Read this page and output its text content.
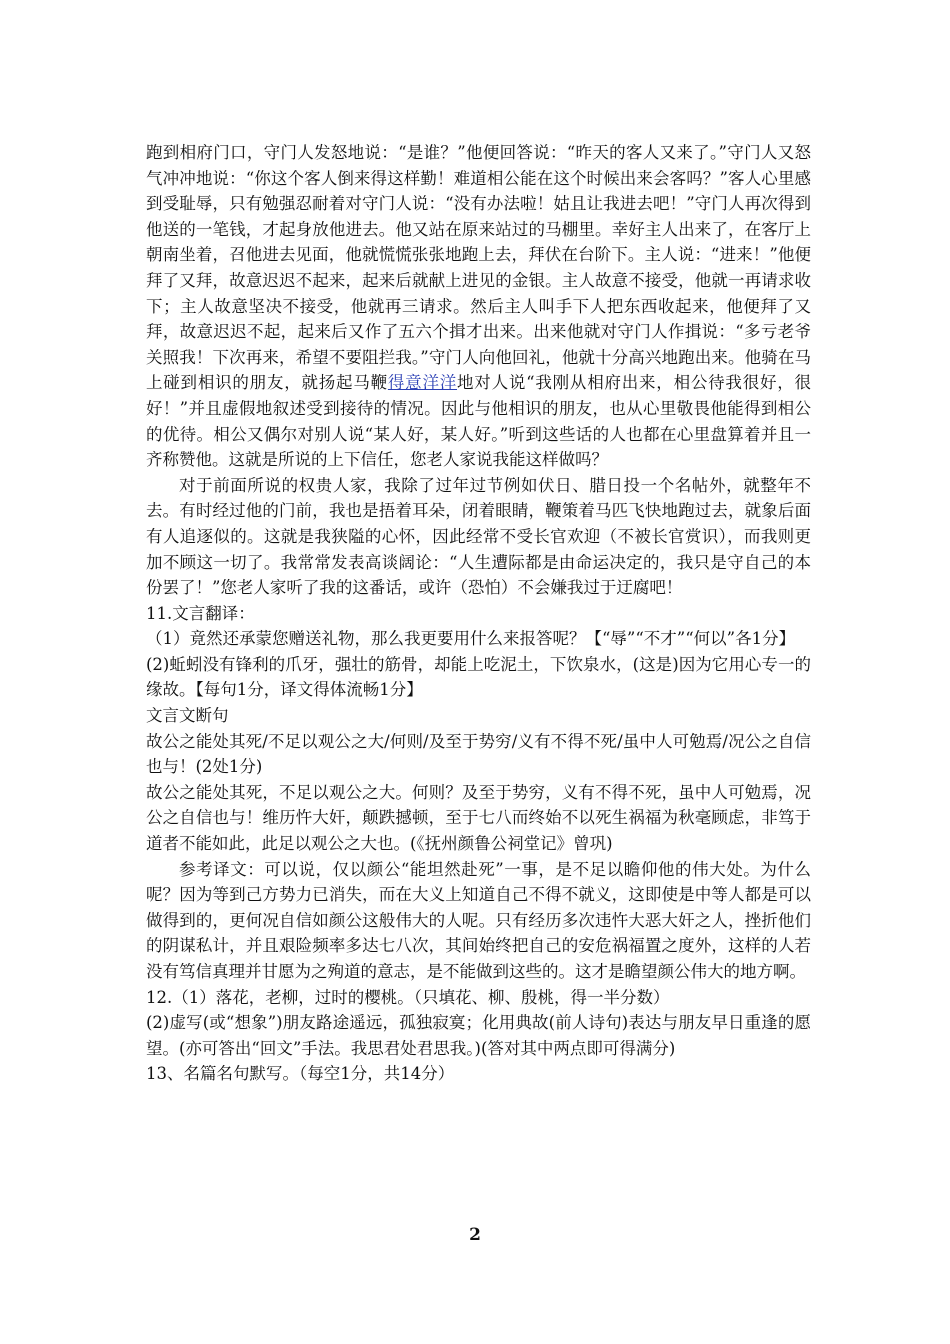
跑到相府门口，守门人发怒地说：“是谁？”他便回答说：“昨天的客人又来了。”守门人又怒气冲冲地说：“你这个客人倒来得这样勤！难道相公能在这个时候出来会客吗？”客人心里感到受耻辱，只有勉强忍耐着对守门人说：“没有办法啦！姑且让我进去吧！”守门人再次得到他送的一笔钱，才起身放他进去。他又站在原来站过的马棚里。幸好主人出来了，在客厅上朝南坐着，召他进去见面，他就慌慌张张地跑上去，拜伏在台阶下。主人说：“进来！”他便拜了又拜，故意迟迟不起来，起来后就献上进见的金银。主人故意不接受，他就一再请求收下；主人故意坚决不接受，他就再三请求。然后主人叫手下人把东西收起来，他便拜了又拜，故意迟迟不起，起来后又作了五六个揖才出来。出来他就对守门人作揖说：“多亏老爷关照我！下次再来，希望不要阻拦我。”守门人向他回礼，他就十分高兴地跑出来。他骑在马上碰到相识的朋友，就扬起马鞭得意洋洋地对人说“我刚从相府出来，相公待我很好，很好！”并且虚假地叙述受到接待的情况。因此与他相识的朋友，也从心里敬畏他能得到相公的优待。相公又偶尔对别人说“某人好，某人好。”听到这些话的人也都在心里盘算着并且一齐称赞他。这就是所说的上下信任，您老人家说我能这样做吗？

对于前面所说的权贵人家，我除了过年过节例如伏日、腊日投一个名帖外，就整年不去。有时经过他的门前，我也是捂着耳朵，闭着眼睛，鞭策着马匹飞快地跑过去，就象后面有人追逐似的。这就是我狭隘的心怀，因此经常不受长官欢迎（不被长官赏识），而我则更加不顾这一切了。我常常发表高谈阔论：“人生遭际都是由命运决定的，我只是守自己的本份罢了！”您老人家听了我的这番话，或许（恐怕）不会嫌我过于迂腐吧！

11.文言翻译：

（1）竟然还承蒙您赠送礼物，那么我更要用什么来报答呢？【“辱”“不才”“何以”各1分】

(2)蚯蚓没有锋利的爪牙，强壮的筋骨，却能上吃泥土，下饮泉水，(这是)因为它用心专一的缘故。【每句1分，译文得体流畅1分】

文言文断句

故公之能处其死/不足以观公之大/何则/及至于势穷/义有不得不死/虽中人可勉焉/况公之自信也与！(2处1分)

故公之能处其死，不足以观公之大。何则？及至于势穷，义有不得不死，虽中人可勉焉，况公之自信也与！维历忤大奸，颠跌撼顿，至于七八而终始不以死生祸福为秋毫顾虑，非笃于道者不能如此，此足以观公之大也。(《抚州颜鲁公祠堂记》曾巩)

参考译文：可以说，仅以颜公“能坦然赴死”一事，是不足以瞻仰他的伟大处。为什么呢？因为等到己方势力已消失，而在大义上知道自己不得不就义，这即使是中等人都是可以做得到的，更何况自信如颜公这般伟大的人呢。只有经历多次违忤大恶大奸之人，挫折他们的阴谋私计，并且艰险频率多达七八次，其间始终把自己的安危祸福置之度外，这样的人若没有笃信真理并甘愿为之殉道的意志，是不能做到这些的。这才是瞻望颜公伟大的地方啊。

12.（1）落花，老柳，过时的樱桃。（只填花、柳、殷桃，得一半分数）

(2)虚写(或“想象”)朋友路途遥远，孤独寂寞；化用典故(前人诗句)表达与朋友早日重逢的愿望。(亦可答出“回文”手法。我思君处君思我。)(答对其中两点即可得满分)

13、名篇名句默写。（每空1分，共14分）

2
